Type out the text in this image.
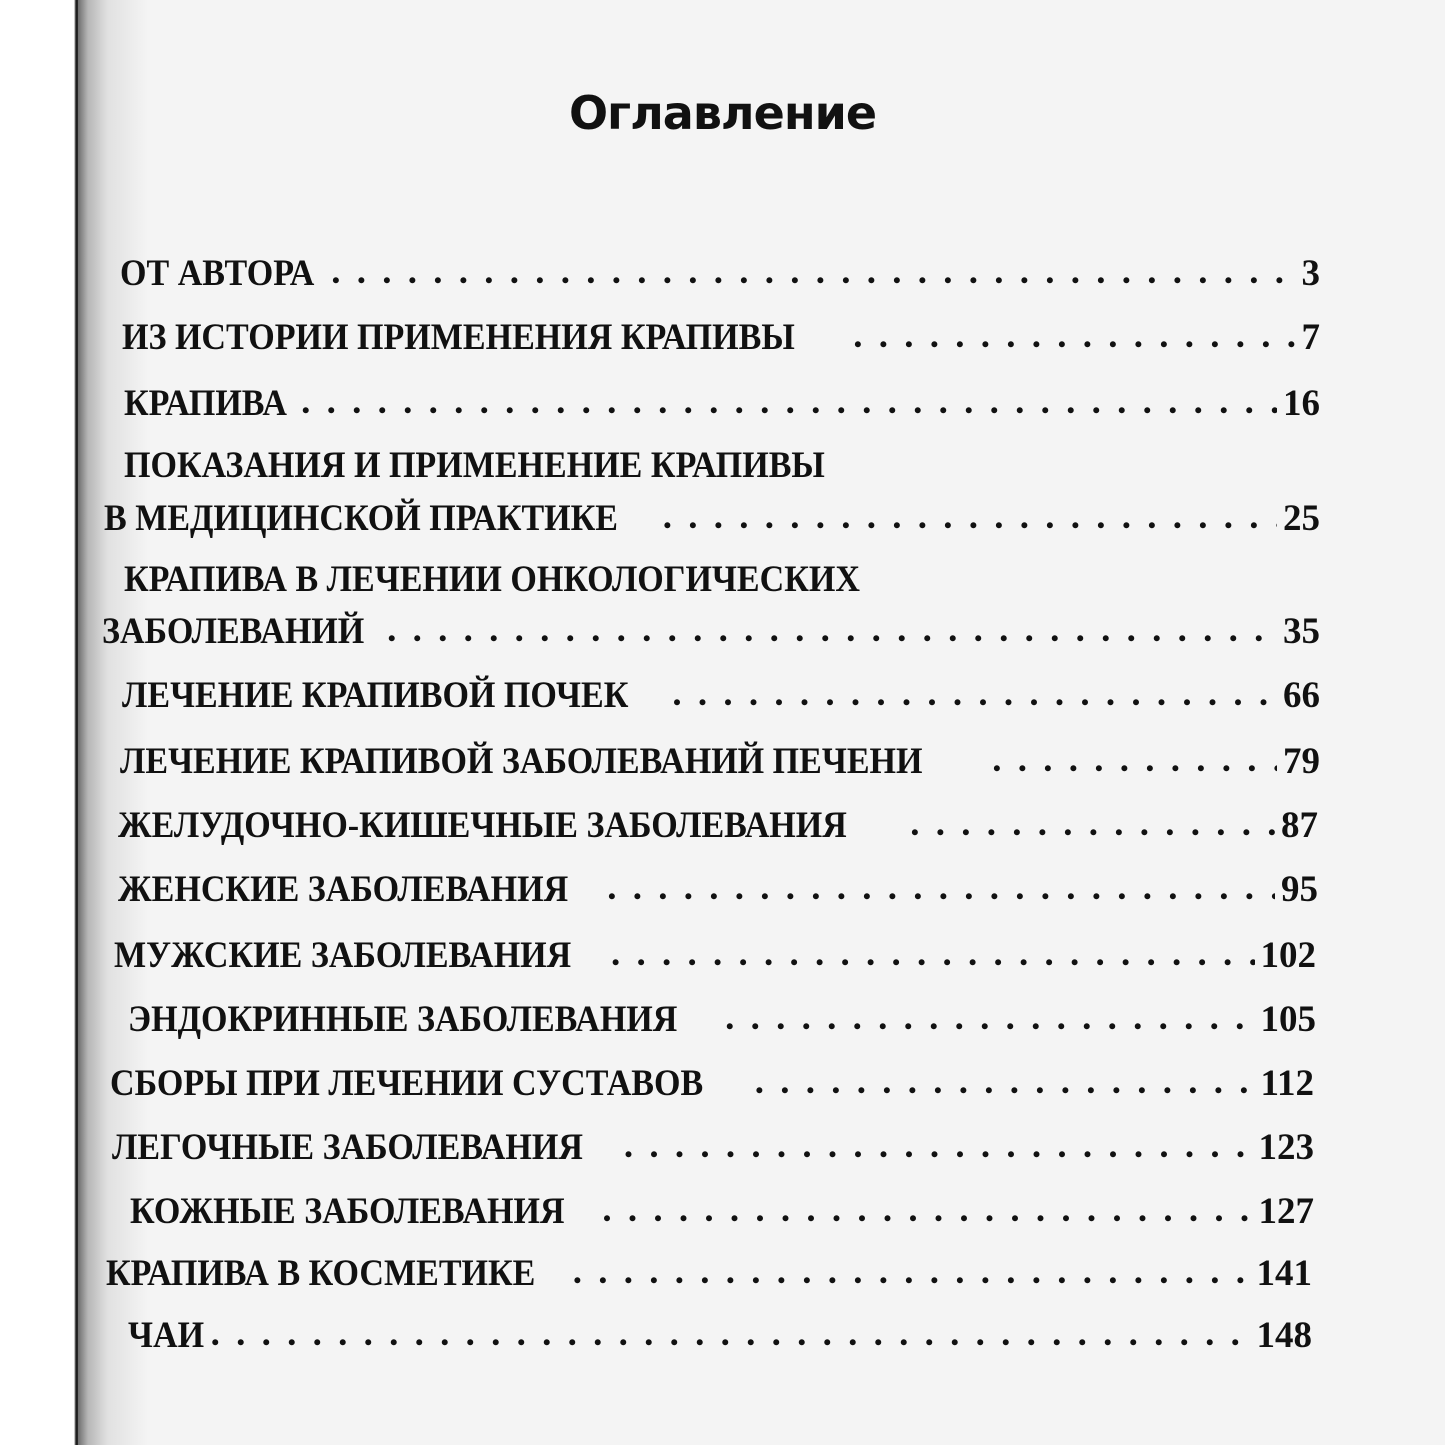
Оглавление
ОТ АВТОРА . . .	3
ИЗ ИСТОРИИ ПРИМЕНЕНИЯ КРАПИВЫ . . .	7
КРАПИВА . . .	16
ПОКАЗАНИЯ И ПРИМЕНЕНИЕ КРАПИВЫ
В МЕДИЦИНСКОЙ ПРАКТИКЕ . . .	25
КРАПИВА В ЛЕЧЕНИИ ОНКОЛОГИЧЕСКИХ
ЗАБОЛЕВАНИЙ . . .	35
ЛЕЧЕНИЕ КРАПИВОЙ ПОЧЕК . . .	66
ЛЕЧЕНИЕ КРАПИВОЙ ЗАБОЛЕВАНИЙ ПЕЧЕНИ . . .	79
ЖЕЛУДОЧНО-КИШЕЧНЫЕ ЗАБОЛЕВАНИЯ . . .	87
ЖЕНСКИЕ ЗАБОЛЕВАНИЯ . . .	95
МУЖСКИЕ ЗАБОЛЕВАНИЯ . . .	102
ЭНДОКРИННЫЕ ЗАБОЛЕВАНИЯ . . .	105
СБОРЫ ПРИ ЛЕЧЕНИИ СУСТАВОВ . . .	112
ЛЕГОЧНЫЕ ЗАБОЛЕВАНИЯ . . .	123
КОЖНЫЕ ЗАБОЛЕВАНИЯ . . .	127
КРАПИВА В КОСМЕТИКЕ . . .	141
ЧАИ . . .	148
